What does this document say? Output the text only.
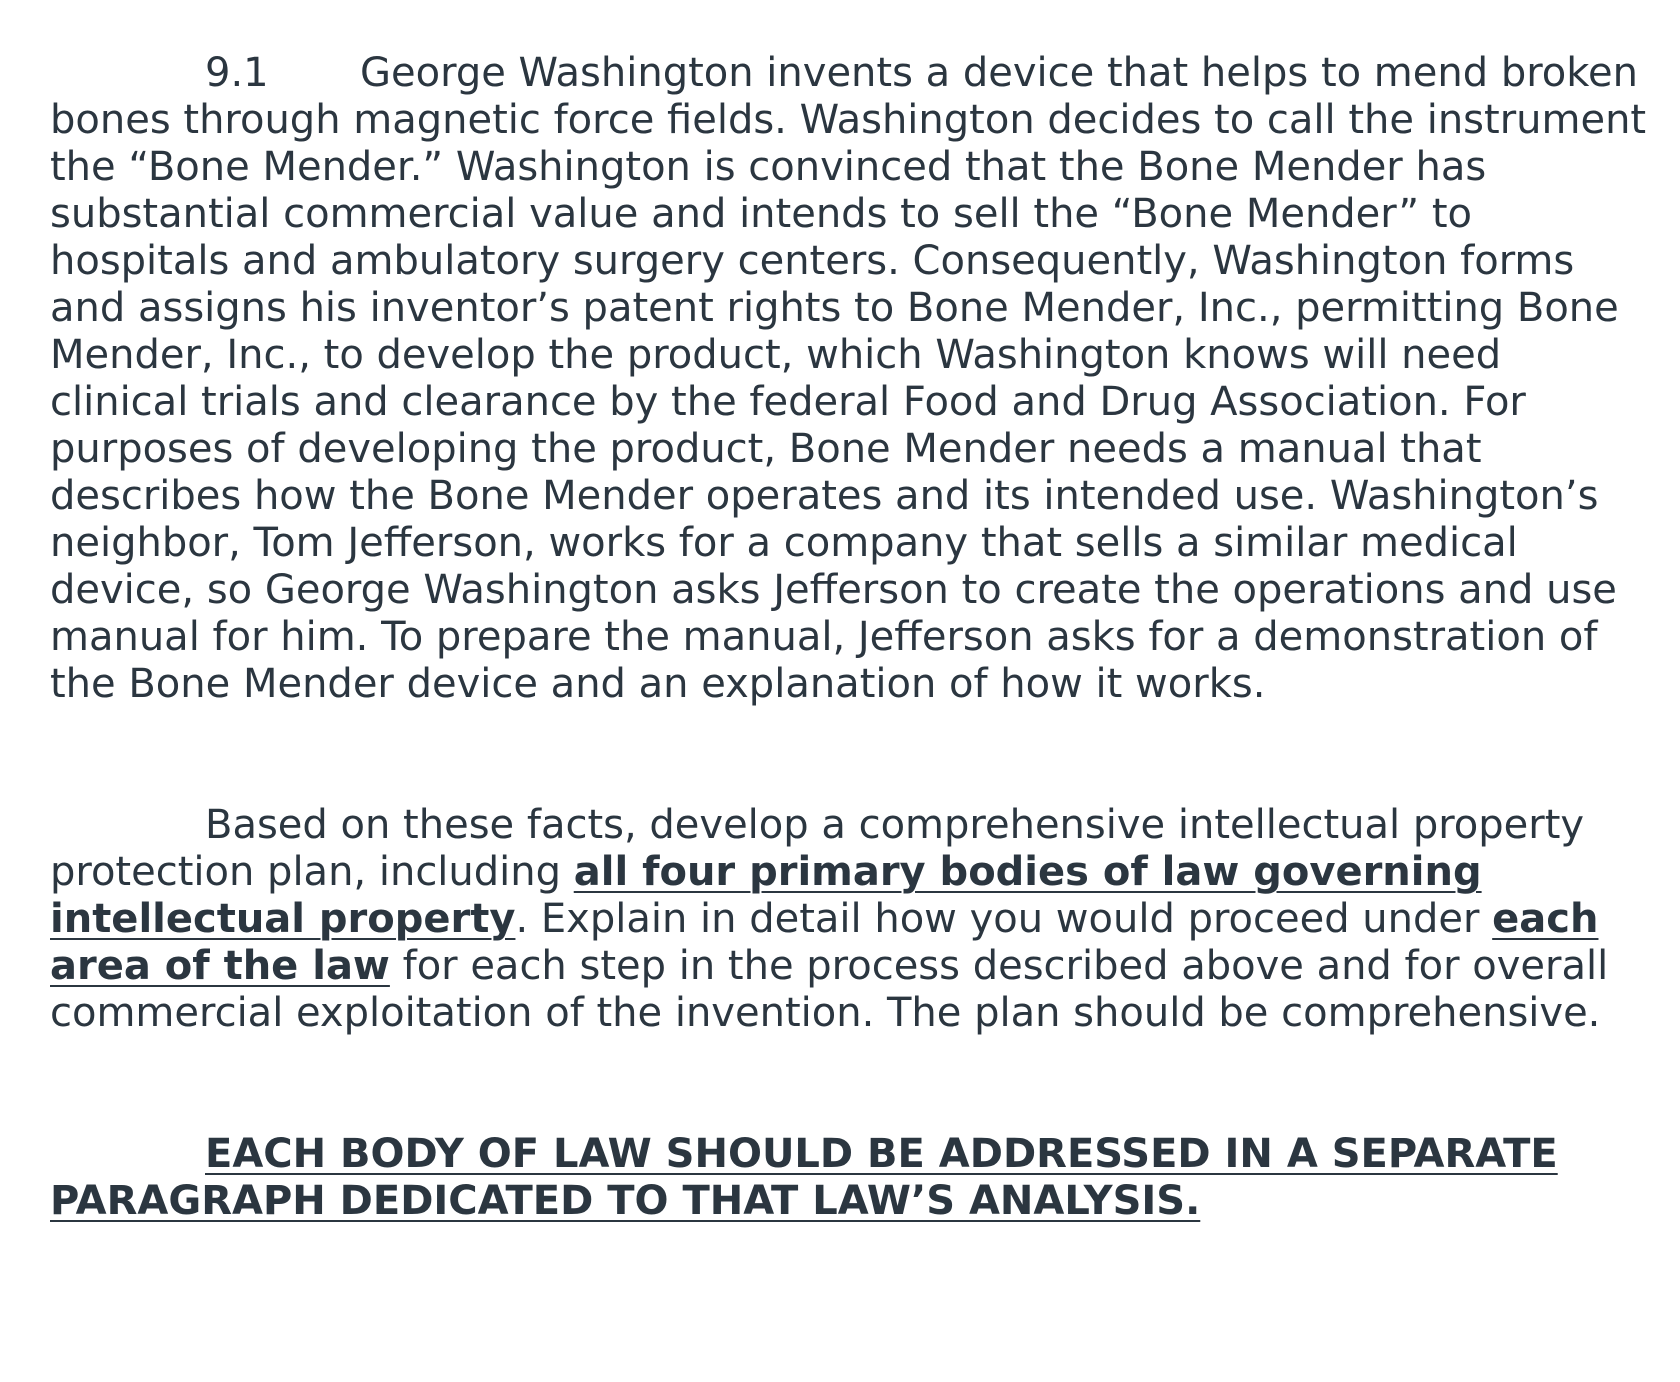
9.1 George Washington invents a device that helps to mend broken bones through magnetic force fields. Washington decides to call the instrument the “Bone Mender.” Washington is convinced that the Bone Mender has substantial commercial value and intends to sell the “Bone Mender” to hospitals and ambulatory surgery centers. Consequently, Washington forms and assigns his inventor’s patent rights to Bone Mender, Inc., permitting Bone Mender, Inc., to develop the product, which Washington knows will need clinical trials and clearance by the federal Food and Drug Association. For purposes of developing the product, Bone Mender needs a manual that describes how the Bone Mender operates and its intended use. Washington’s neighbor, Tom Jefferson, works for a company that sells a similar medical device, so George Washington asks Jefferson to create the operations and use manual for him. To prepare the manual, Jefferson asks for a demonstration of the Bone Mender device and an explanation of how it works.

Based on these facts, develop a comprehensive intellectual property protection plan, including all four primary bodies of law governing intellectual property. Explain in detail how you would proceed under each area of the law for each step in the process described above and for overall commercial exploitation of the invention. The plan should be comprehensive.

EACH BODY OF LAW SHOULD BE ADDRESSED IN A SEPARATE PARAGRAPH DEDICATED TO THAT LAW’S ANALYSIS.
